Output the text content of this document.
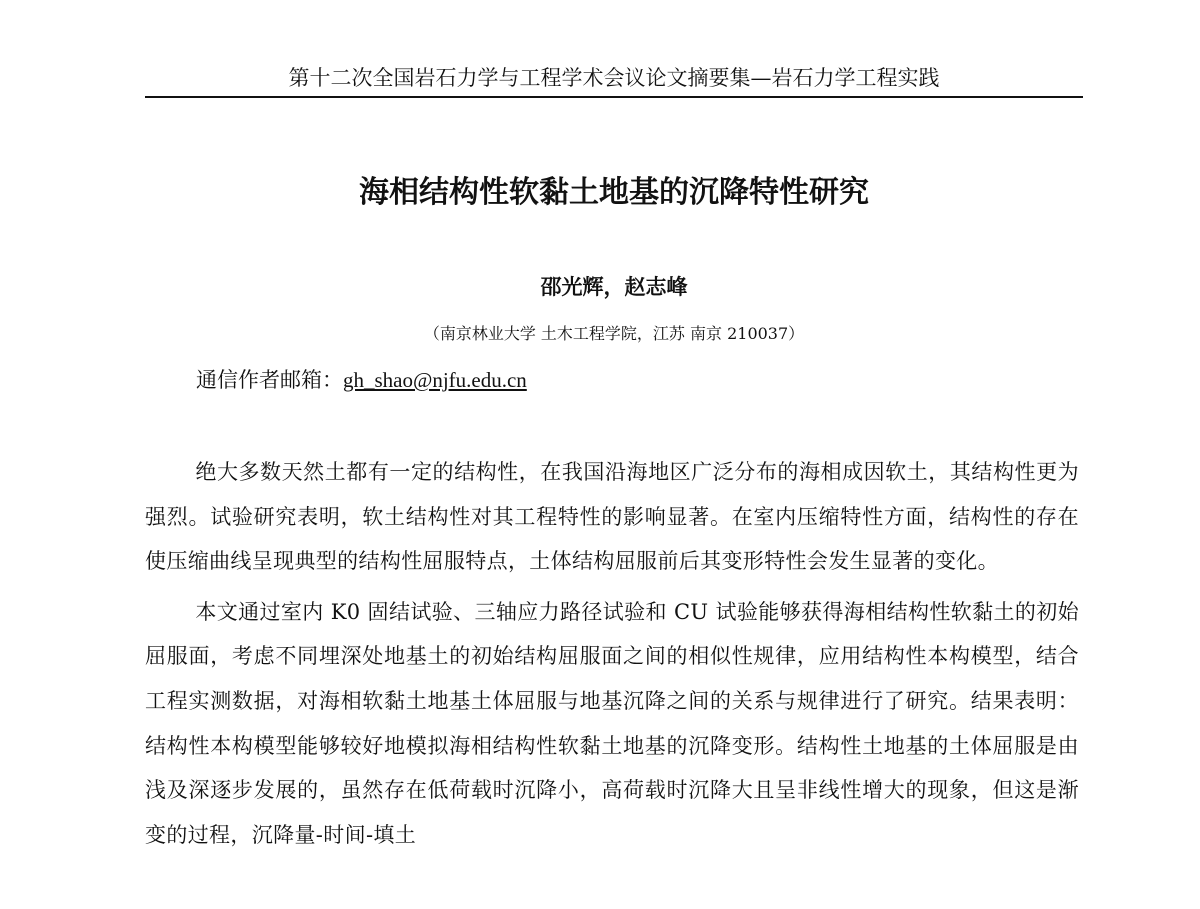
第十二次全国岩石力学与工程学术会议论文摘要集—岩石力学工程实践
海相结构性软黏土地基的沉降特性研究
邵光辉，赵志峰
（南京林业大学 土木工程学院，江苏 南京 210037）
通信作者邮箱：gh_shao@njfu.edu.cn

绝大多数天然土都有一定的结构性，在我国沿海地区广泛分布的海相成因软土，其结构性更为强烈。试验研究表明，软土结构性对其工程特性的影响显著。在室内压缩特性方面，结构性的存在使压缩曲线呈现典型的结构性屈服特点，土体结构屈服前后其变形特性会发生显著的变化。

本文通过室内 K0 固结试验、三轴应力路径试验和 CU 试验能够获得海相结构性软黏土的初始屈服面，考虑不同埋深处地基土的初始结构屈服面之间的相似性规律，应用结构性本构模型，结合工程实测数据，对海相软黏土地基土体屈服与地基沉降之间的关系与规律进行了研究。结果表明：结构性本构模型能够较好地模拟海相结构性软黏土地基的沉降变形。结构性土地基的土体屈服是由浅及深逐步发展的，虽然存在低荷载时沉降小，高荷载时沉降大且呈非线性增大的现象，但这是渐变的过程，沉降量-时间-填土
